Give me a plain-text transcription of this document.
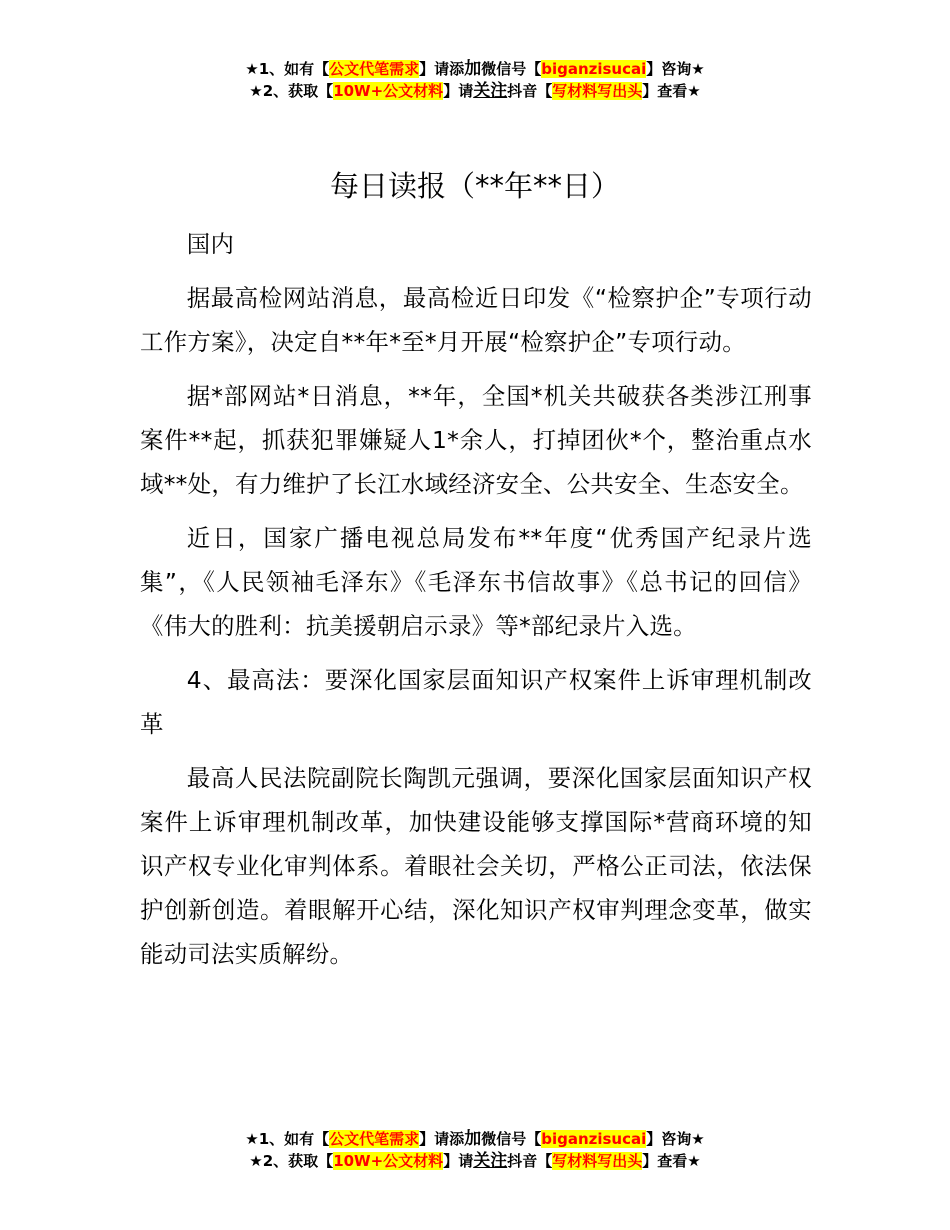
★1、如有【公文代笔需求】请添加微信号【biganzisucai】咨询★
★2、获取【10W+公文材料】请关注抖音【写材料写出头】查看★
每日读报（**年**日）

国内

据最高检网站消息，最高检近日印发《“检察护企”专项行动工作方案》，决定自**年*至*月开展“检察护企”专项行动。

据*部网站*日消息，**年，全国*机关共破获各类涉江刑事案件**起，抓获犯罪嫌疑人1*余人，打掉团伙*个，整治重点水域**处，有力维护了长江水域经济安全、公共安全、生态安全。

近日，国家广播电视总局发布**年度“优秀国产纪录片选集”，《人民领袖毛泽东》《毛泽东书信故事》《总书记的回信》《伟大的胜利：抗美援朝启示录》等*部纪录片入选。

4、最高法：要深化国家层面知识产权案件上诉审理机制改革

最高人民法院副院长陶凯元强调，要深化国家层面知识产权案件上诉审理机制改革，加快建设能够支撑国际*营商环境的知识产权专业化审判体系。着眼社会关切，严格公正司法，依法保护创新创造。着眼解开心结，深化知识产权审判理念变革，做实能动司法实质解纷。

★1、如有【公文代笔需求】请添加微信号【biganzisucai】咨询★
★2、获取【10W+公文材料】请关注抖音【写材料写出头】查看★
